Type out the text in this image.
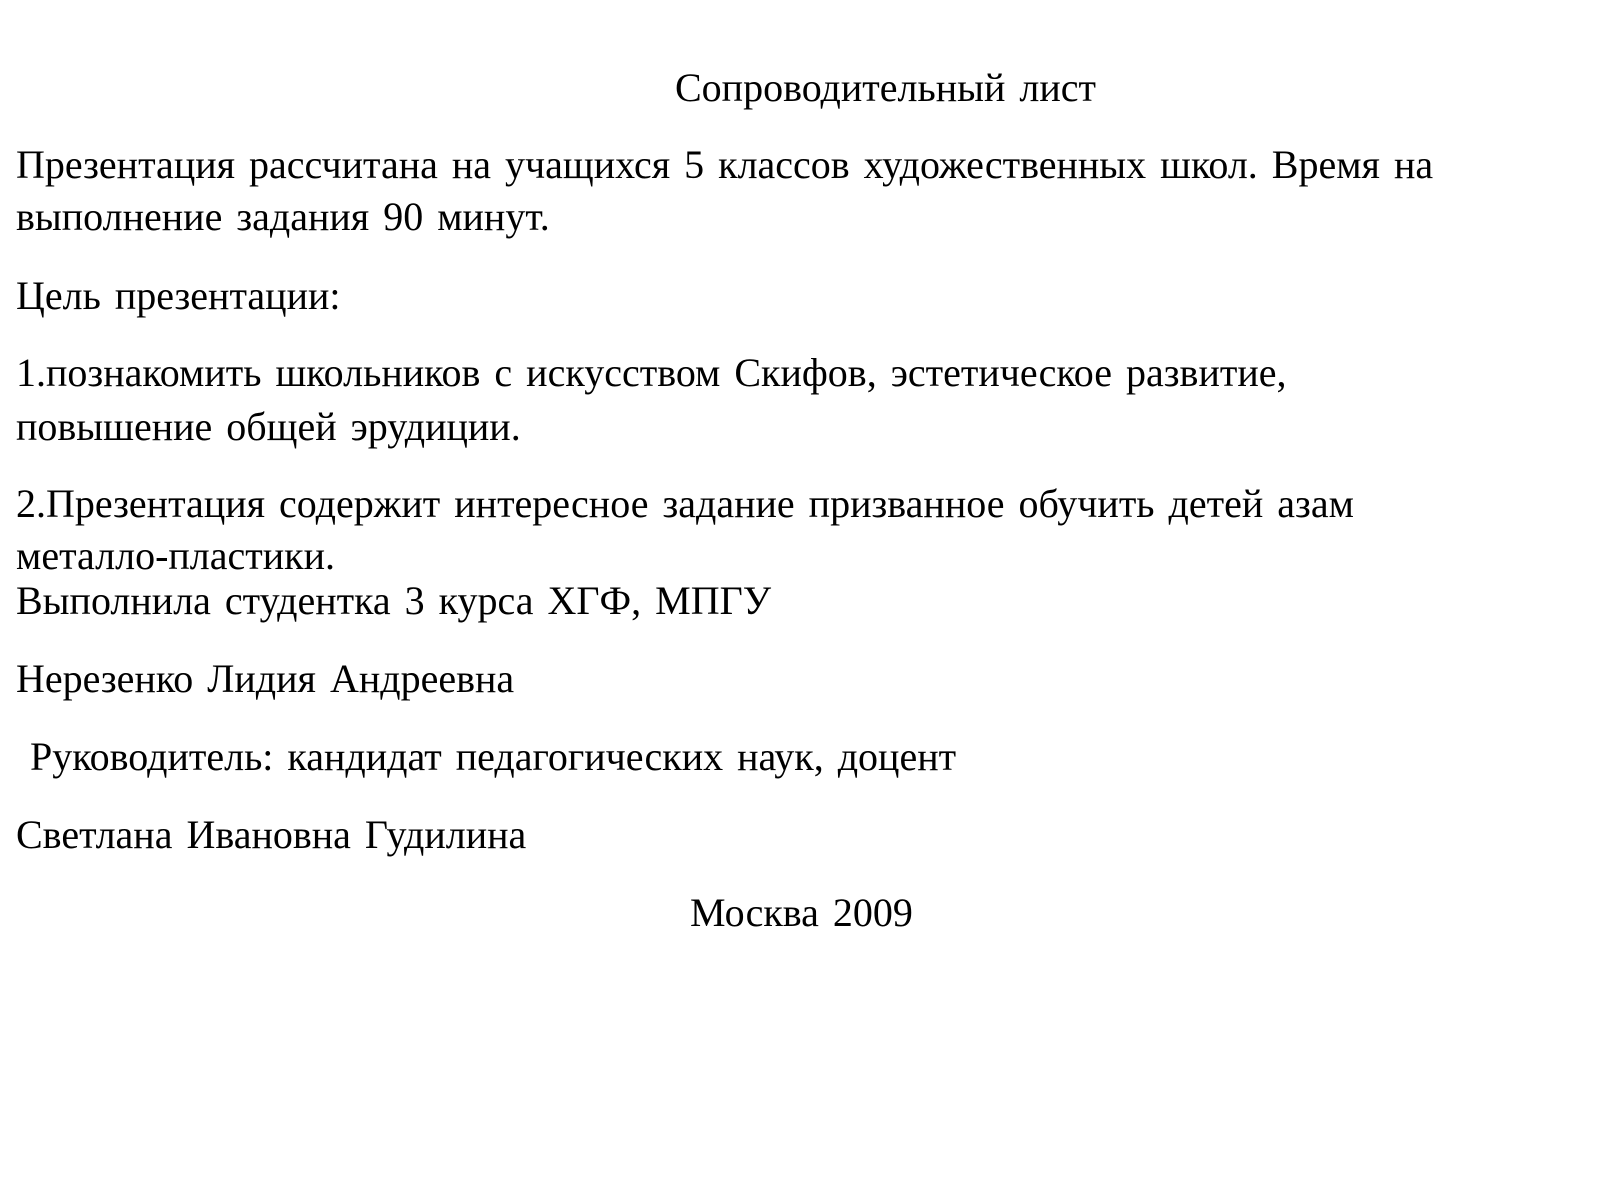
Сопроводительный лист
Презентация рассчитана на учащихся 5 классов художественных школ. Время на
выполнение задания 90 минут.
Цель презентации:
1.познакомить школьников с искусством Скифов, эстетическое развитие,
повышение общей эрудиции.
2.Презентация содержит интересное задание призванное обучить детей азам
металло-пластики.
Выполнила студентка 3 курса ХГФ, МПГУ
Нерезенко Лидия Андреевна
Руководитель: кандидат педагогических наук, доцент
Светлана Ивановна Гудилина
Москва 2009
